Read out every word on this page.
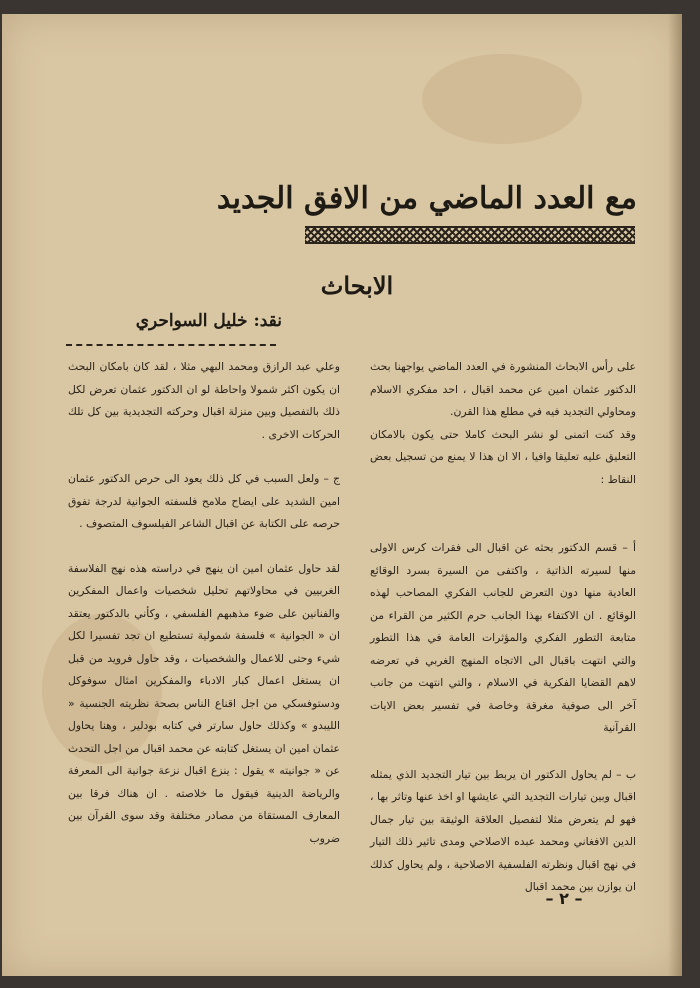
مع العدد الماضي من الافق الجديد
الابحاث
نقد: خليل السواحري

على رأس الابحاث المنشورة في العدد الماضي يواجهنا بحث الدكتور عثمان امين عن محمد اقبال ، احد مفكري الاسلام ومحاولي التجديد فيه في مطلع هذا القرن.

وقد كنت اتمنى لو نشر البحث كاملا حتى يكون بالامكان التعليق عليه تعليقا وافيا ، الا ان هذا لا يمنع من تسجيل بعض النقاط :

أ – قسم الدكتور بحثه عن اقبال الى فقرات كرس الاولى منها لسيرته الذاتية ، واكتفى من السيرة بسرد الوقائع العادية منها دون التعرض للجانب الفكري المصاحب لهذه الوقائع . ان الاكتفاء بهذا الجانب حرم الكثير من القراء من متابعة التطور الفكري والمؤثرات العامة في هذا التطور والتي انتهت باقبال الى الاتجاه المنهج الغربي في تعرضه لاهم القضايا الفكرية في الاسلام ، والتي انتهت من جانب آخر الى صوفية مغرقة وخاصة في تفسير بعض الايات القرآنية

ب – لم يحاول الدكتور ان يربط بين تيار التجديد الذي يمثله اقبال وبين تيارات التجديد التي عايشها او اخذ عنها وتاثر بها ، فهو لم يتعرض مثلا لتفصيل العلاقة الوثيقة بين تيار جمال الدين الافغاني ومحمد عبده الاصلاحي ومدى تاثير ذلك التيار في نهج اقبال ونظرته الفلسفية الاصلاحية ، ولم يحاول كذلك ان يوازن بين محمد اقبال

وعلي عبد الرازق ومحمد البهي مثلا ، لقد كان بامكان البحث ان يكون اكثر شمولا واحاطة لو ان الدكتور عثمان تعرض لكل ذلك بالتفصيل وبين منزلة اقبال وحركته التجديدية بين كل تلك الحركات الاخرى .

ج – ولعل السبب في كل ذلك يعود الى حرص الدكتور عثمان امين الشديد على ايضاح ملامح فلسفته الجوانية لدرجة تفوق حرصه على الكتابة عن اقبال الشاعر الفيلسوف المتصوف .

لقد حاول عثمان امين ان ينهج في دراسته هذه نهج الفلاسفة الغربيين في محاولاتهم تحليل شخصيات واعمال المفكرين والفنانين على ضوء مذهبهم الفلسفي ، وكأني بالدكتور يعتقد ان « الجوانية » فلسفة شمولية تستطيع ان تجد تفسيرا لكل شيء وحتى للاعمال والشخصيات ، وقد حاول فرويد من قبل ان يستغل اعمال كبار الادباء والمفكرين امثال سوفوكل ودستوفسكي من اجل اقناع الناس بصحة نظريته الجنسية « الليبدو » وكذلك حاول سارتر في كتابه بودلير ، وهنا يحاول عثمان امين ان يستغل كتابته عن محمد اقبال من اجل التحدث عن « جوانيته » يقول : ينزع اقبال نزعة جوانية الى المعرفة والرياضة الدينية فيقول ما خلاصته . ان هناك فرقا بين المعارف المستقاة من مصادر مختلفة وقد سوى القرآن بين ضروب

– ٢ –
